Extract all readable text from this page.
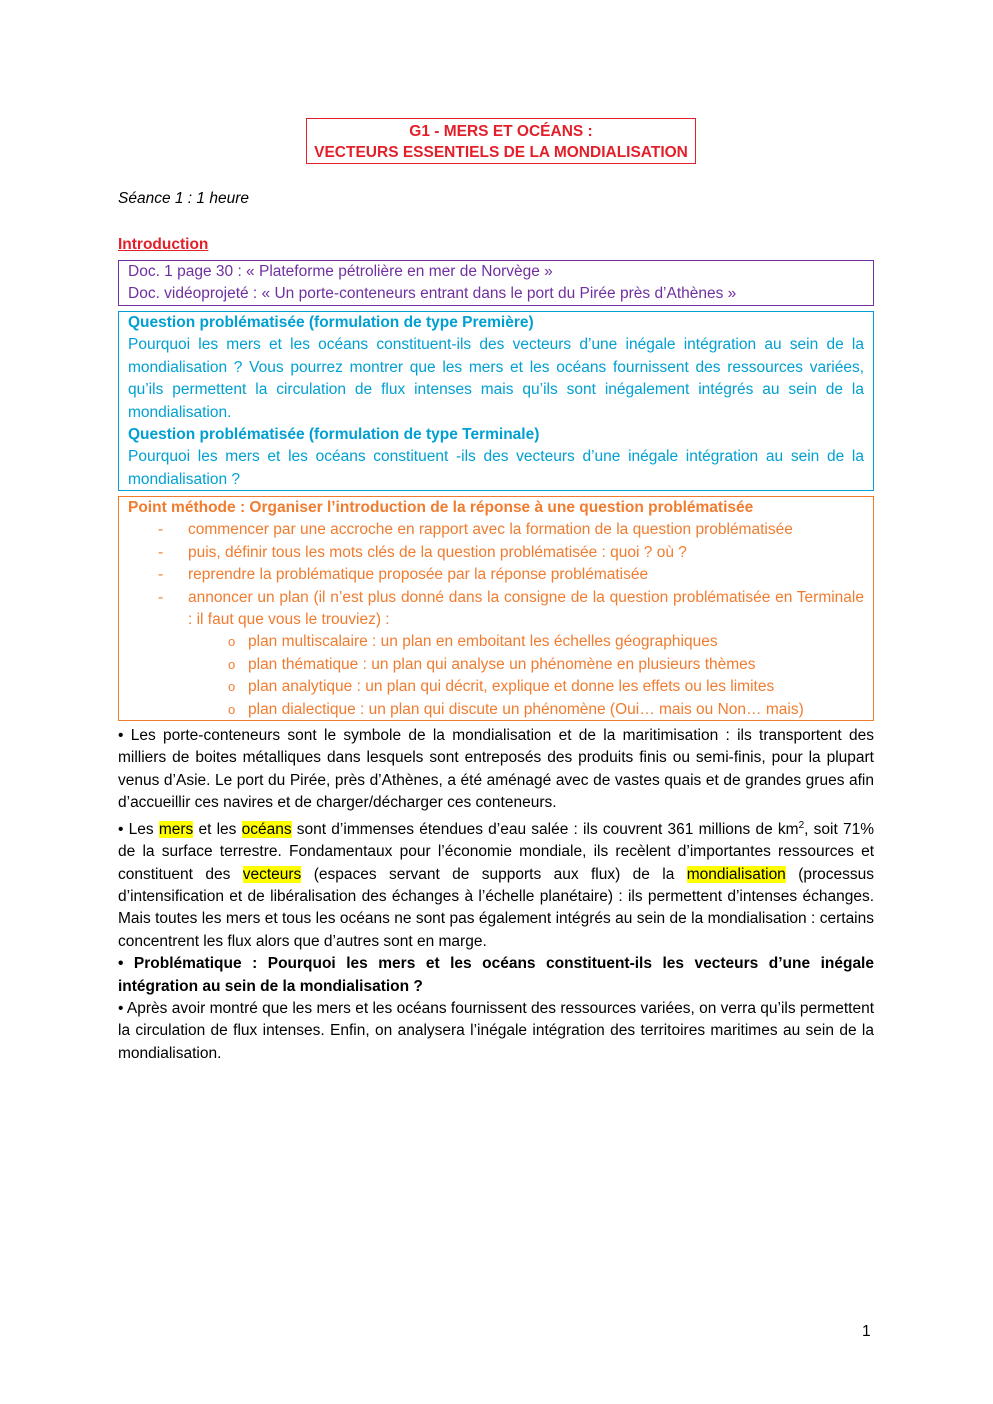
G1 - MERS ET OCÉANS :
VECTEURS ESSENTIELS DE LA MONDIALISATION
Séance 1 : 1 heure
Introduction
Doc. 1 page 30 : « Plateforme pétrolière en mer de Norvège »
Doc. vidéoprojeté : « Un porte-conteneurs entrant dans le port du Pirée près d’Athènes »
Question problématisée (formulation de type Première)
Pourquoi les mers et les océans constituent-ils des vecteurs d’une inégale intégration au sein de la mondialisation ? Vous pourrez montrer que les mers et les océans fournissent des ressources variées, qu’ils permettent la circulation de flux intenses mais qu’ils sont inégalement intégrés au sein de la mondialisation.
Question problématisée (formulation de type Terminale)
Pourquoi les mers et les océans constituent -ils des vecteurs d’une inégale intégration au sein de la mondialisation ?
Point méthode : Organiser l’introduction de la réponse à une question problématisée
-	commencer par une accroche en rapport avec la formation de la question problématisée
-	puis, définir tous les mots clés de la question problématisée : quoi ? où ?
-	reprendre la problématique proposée par la réponse problématisée
-	annoncer un plan (il n’est plus donné dans la consigne de la question problématisée en Terminale : il faut que vous le trouviez) :
o plan multiscalaire : un plan en emboitant les échelles géographiques
o plan thématique : un plan qui analyse un phénomène en plusieurs thèmes
o plan analytique : un plan qui décrit, explique et donne les effets ou les limites
o plan dialectique : un plan qui discute un phénomène (Oui… mais ou Non… mais)

• Les porte-conteneurs sont le symbole de la mondialisation et de la maritimisation : ils transportent des milliers de boites métalliques dans lesquels sont entreposés des produits finis ou semi-finis, pour la plupart venus d’Asie. Le port du Pirée, près d’Athènes, a été aménagé avec de vastes quais et de grandes grues afin d’accueillir ces navires et de charger/décharger ces conteneurs.

• Les mers et les océans sont d’immenses étendues d’eau salée : ils couvrent 361 millions de $km^2$, soit 71% de la surface terrestre. Fondamentaux pour l’économie mondiale, ils recèlent d’importantes ressources et constituent des vecteurs (espaces servant de supports aux flux) de la mondialisation (processus d’intensification et de libéralisation des échanges à l’échelle planétaire) : ils permettent d’intenses échanges. Mais toutes les mers et tous les océans ne sont pas également intégrés au sein de la mondialisation : certains concentrent les flux alors que d’autres sont en marge.

• Problématique : Pourquoi les mers et les océans constituent-ils les vecteurs d’une inégale intégration au sein de la mondialisation ?

• Après avoir montré que les mers et les océans fournissent des ressources variées, on verra qu’ils permettent la circulation de flux intenses. Enfin, on analysera l’inégale intégration des territoires maritimes au sein de la mondialisation.

1
